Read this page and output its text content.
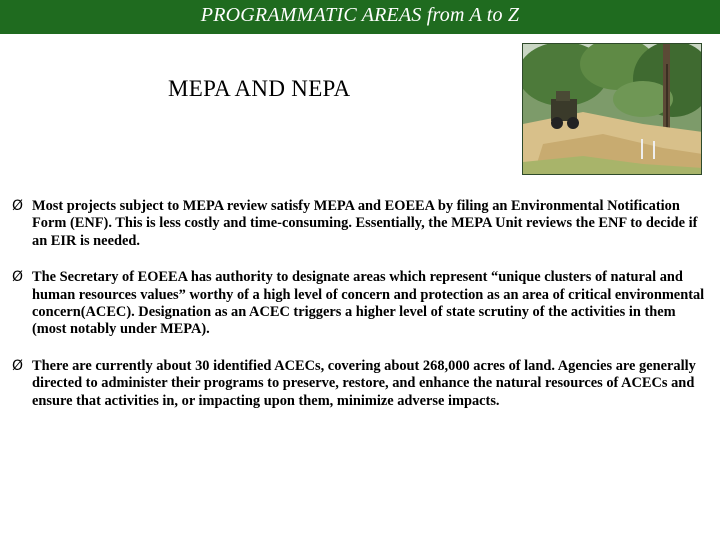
PROGRAMMATIC AREAS from A to Z
MEPA AND NEPA
Ø Most projects subject to MEPA review satisfy MEPA and EOEEA by filing an Environmental Notification Form (ENF). This is less costly and time-consuming. Essentially, the MEPA Unit reviews the ENF to decide if an EIR is needed.
Ø The Secretary of EOEEA has authority to designate areas which represent “unique clusters of natural and human resources values” worthy of a high level of concern and protection as an area of critical environmental concern(ACEC). Designation as an ACEC triggers a higher level of state scrutiny of the activities in them (most notably under MEPA).
Ø There are currently about 30 identified ACECs, covering about 268,000 acres of land. Agencies are generally directed to administer their programs to preserve, restore, and enhance the natural resources of ACECs and ensure that activities in, or impacting upon them, minimize adverse impacts.
